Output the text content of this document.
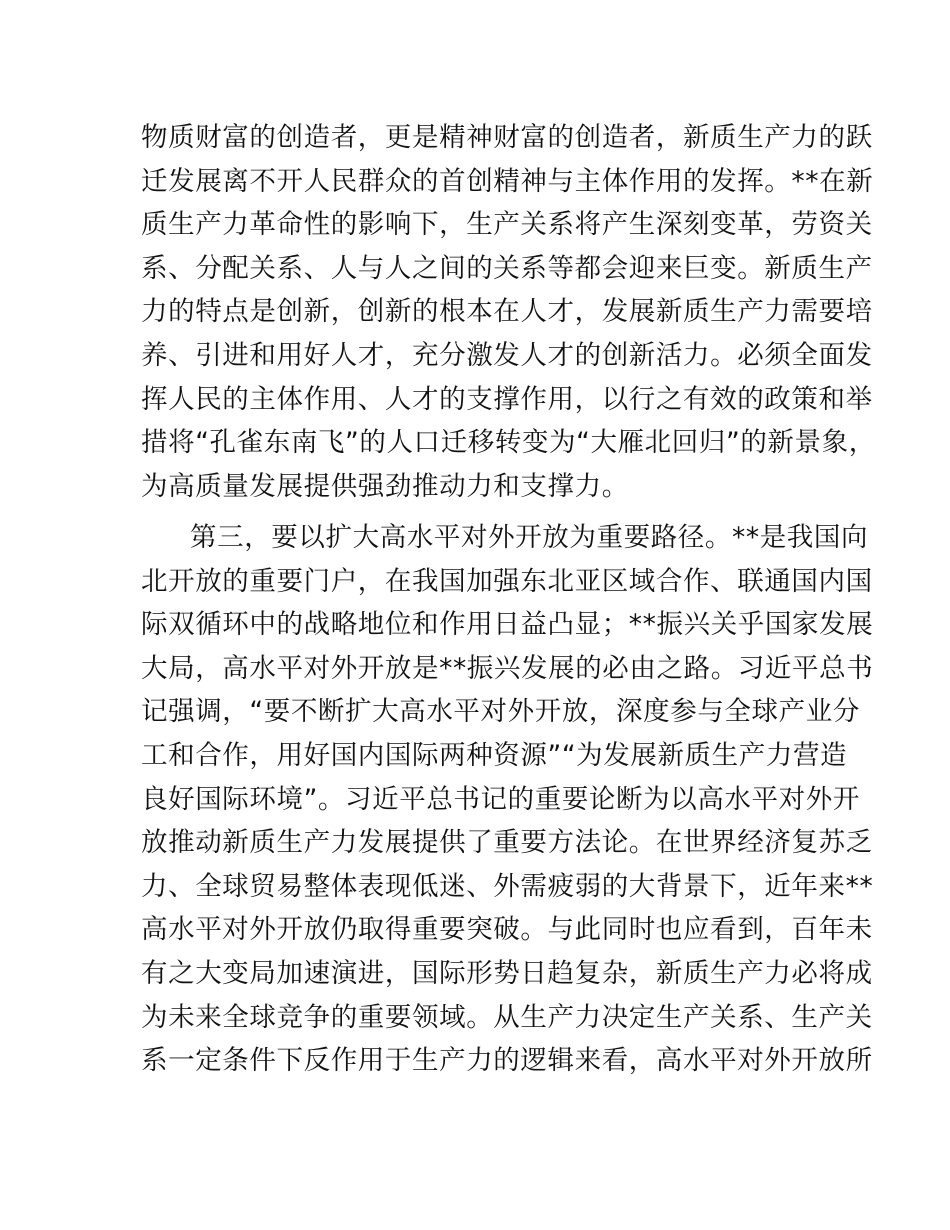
物质财富的创造者，更是精神财富的创造者，新质生产力的跃
迁发展离不开人民群众的首创精神与主体作用的发挥。**在新
质生产力革命性的影响下，生产关系将产生深刻变革，劳资关
系、分配关系、人与人之间的关系等都会迎来巨变。新质生产
力的特点是创新，创新的根本在人才，发展新质生产力需要培
养、引进和用好人才，充分激发人才的创新活力。必须全面发
挥人民的主体作用、人才的支撑作用，以行之有效的政策和举
措将“孔雀东南飞”的人口迁移转变为“大雁北回归”的新景象，
为高质量发展提供强劲推动力和支撑力。
第三，要以扩大高水平对外开放为重要路径。**是我国向
北开放的重要门户，在我国加强东北亚区域合作、联通国内国
际双循环中的战略地位和作用日益凸显；**振兴关乎国家发展
大局，高水平对外开放是**振兴发展的必由之路。习近平总书
记强调，“要不断扩大高水平对外开放，深度参与全球产业分
工和合作，用好国内国际两种资源”“为发展新质生产力营造
良好国际环境”。习近平总书记的重要论断为以高水平对外开
放推动新质生产力发展提供了重要方法论。在世界经济复苏乏
力、全球贸易整体表现低迷、外需疲弱的大背景下，近年来**
高水平对外开放仍取得重要突破。与此同时也应看到，百年未
有之大变局加速演进，国际形势日趋复杂，新质生产力必将成
为未来全球竞争的重要领域。从生产力决定生产关系、生产关
系一定条件下反作用于生产力的逻辑来看，高水平对外开放所
